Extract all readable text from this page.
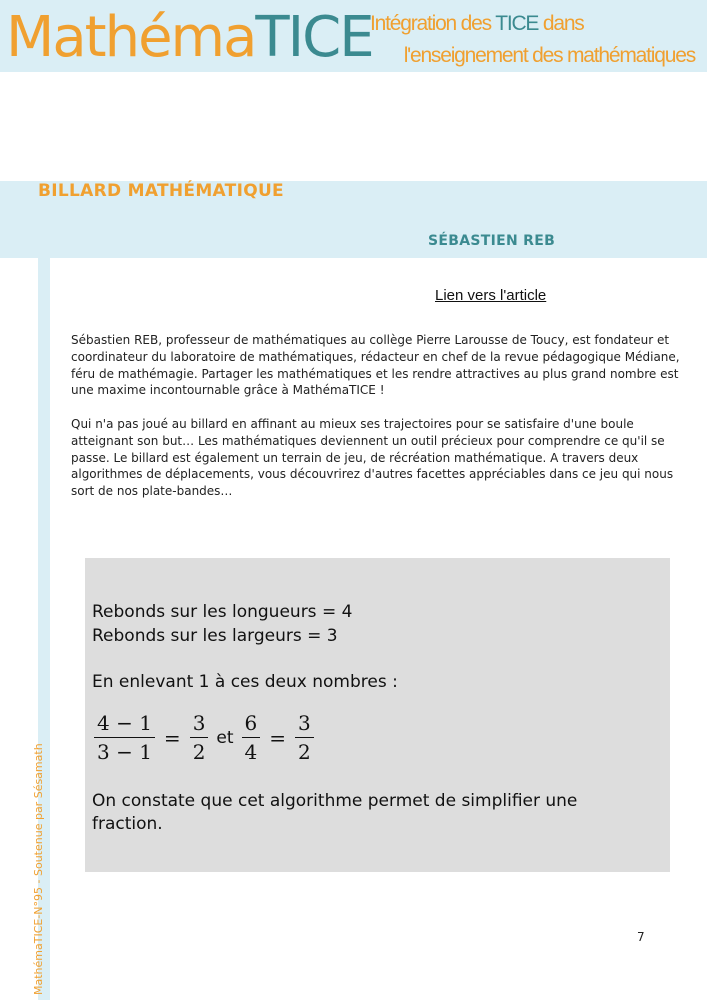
MathémaTICE
Intégration des TICE dans
l'enseignement des mathématiques
BILLARD MATHÉMATIQUE
SÉBASTIEN REB
MathémaTICE-N°95 - Soutenue par Sésamath
Lien vers l'article

Sébastien REB, professeur de mathématiques au collège Pierre Larousse de Toucy, est fondateur et coordinateur du laboratoire de mathématiques, rédacteur en chef de la revue pédagogique Médiane, féru de mathémagie. Partager les mathématiques et les rendre attractives au plus grand nombre est une maxime incontournable grâce à MathémaTICE !

Qui n'a pas joué au billard en affinant au mieux ses trajectoires pour se satisfaire d'une boule atteignant son but… Les mathématiques deviennent un outil précieux pour comprendre ce qu'il se passe. Le billard est également un terrain de jeu, de récréation mathématique. A travers deux algorithmes de déplacements, vous découvrirez d'autres facettes appréciables dans ce jeu qui nous sort de nos plate-bandes…

Rebonds sur les longueurs = 4
Rebonds sur les largeurs = 3
En enlevant 1 à ces deux nombres :
$\frac{4 - 1}{3 - 1} = \frac{3}{2}$ et $\frac{6}{4} = \frac{3}{2}$
On constate que cet algorithme permet de simplifier une
fraction.
7
